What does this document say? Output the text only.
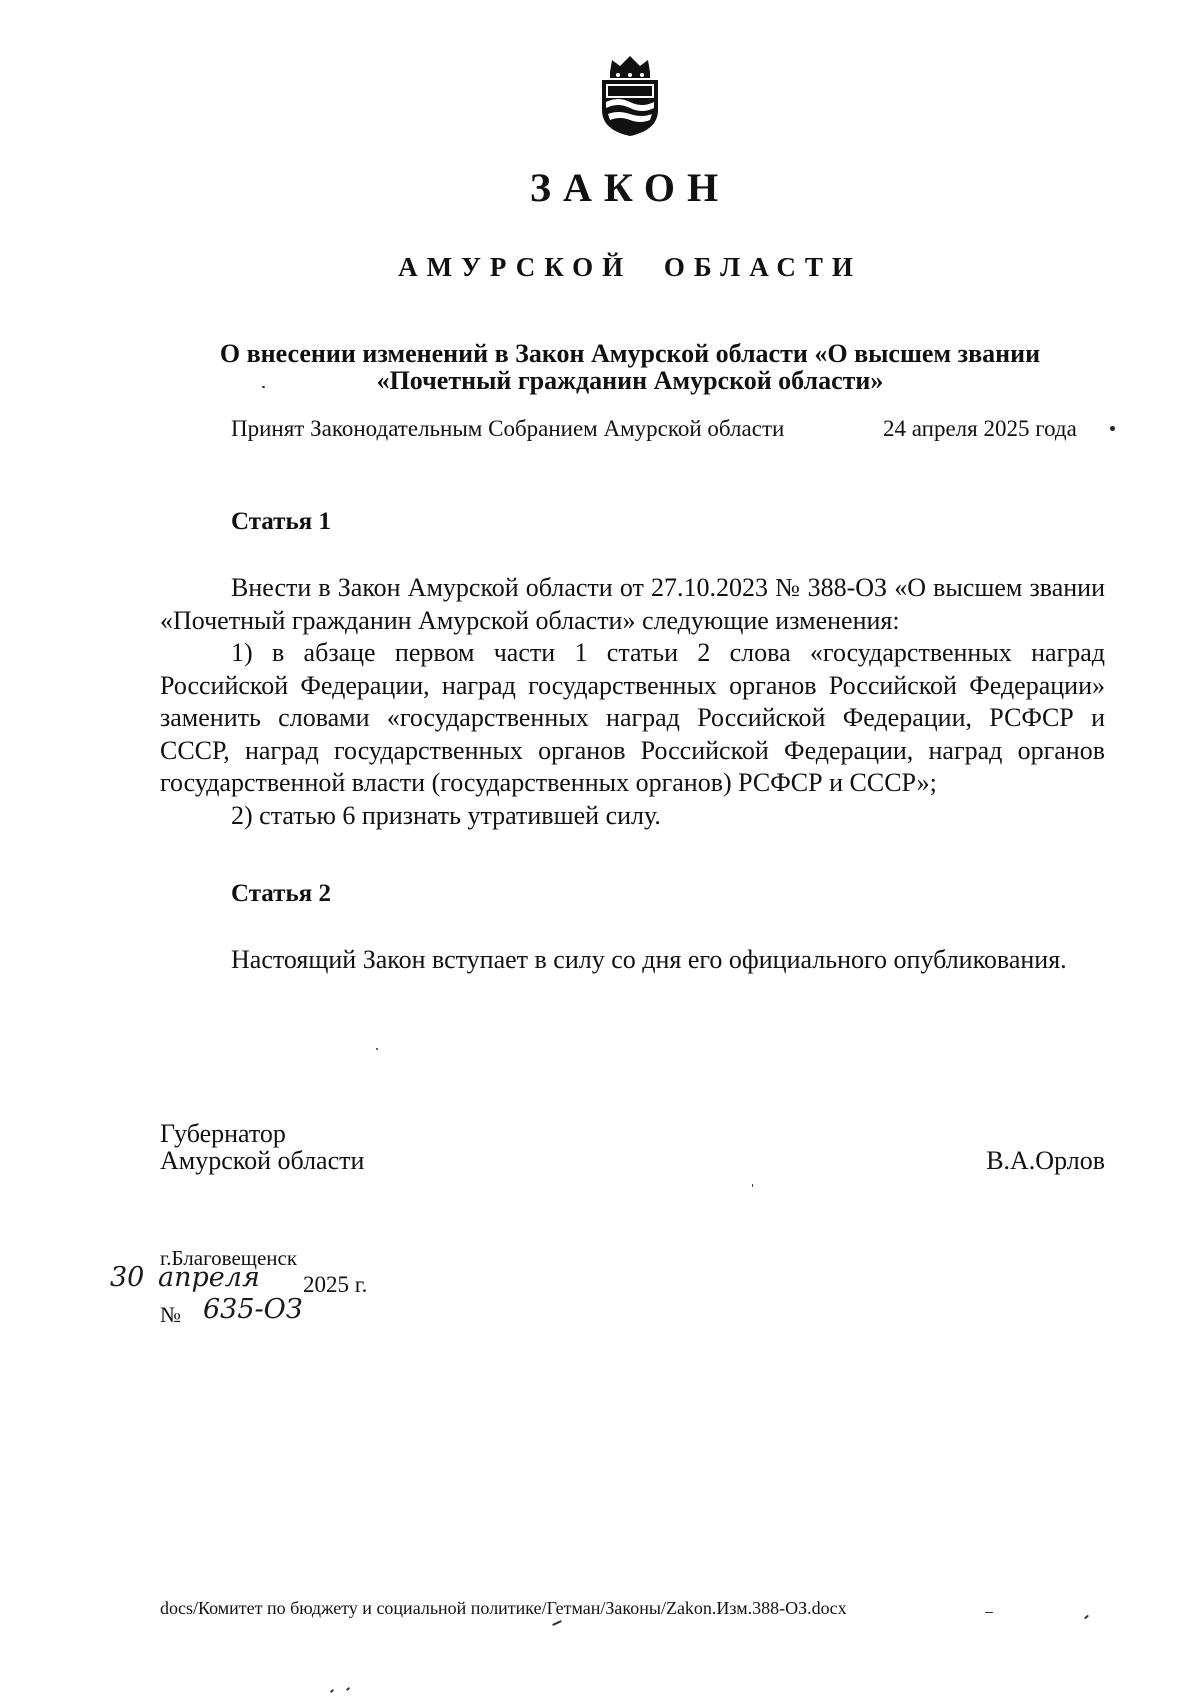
ЗАКОН
АМУРСКОЙ ОБЛАСТИ
О внесении изменений в Закон Амурской области «О высшем звании
«Почетный гражданин Амурской области»
Принят Законодательным Собранием Амурской области	24 апреля 2025 года
Статья 1

Внести в Закон Амурской области от 27.10.2023 № 388-ОЗ «О высшем звании «Почетный гражданин Амурской области» следующие изменения:

1) в абзаце первом части 1 статьи 2 слова «государственных наград Российской Федерации, наград государственных органов Российской Федерации» заменить словами «государственных наград Российской Федерации, РСФСР и СССР, наград государственных органов Российской Федерации, наград органов государственной власти (государственных органов) РСФСР и СССР»;

2) статью 6 признать утратившей силу.

Статья 2
Настоящий Закон вступает в силу со дня его официального опубликования.
Губернатор
Амурской области	В.А.Орлов
г.Благовещенск
30 апреля 2025 г.
№ 635-ОЗ
docs/Комитет по бюджету и социальной политике/Гетман/Законы/Zakon.Изм.388-ОЗ.docx
